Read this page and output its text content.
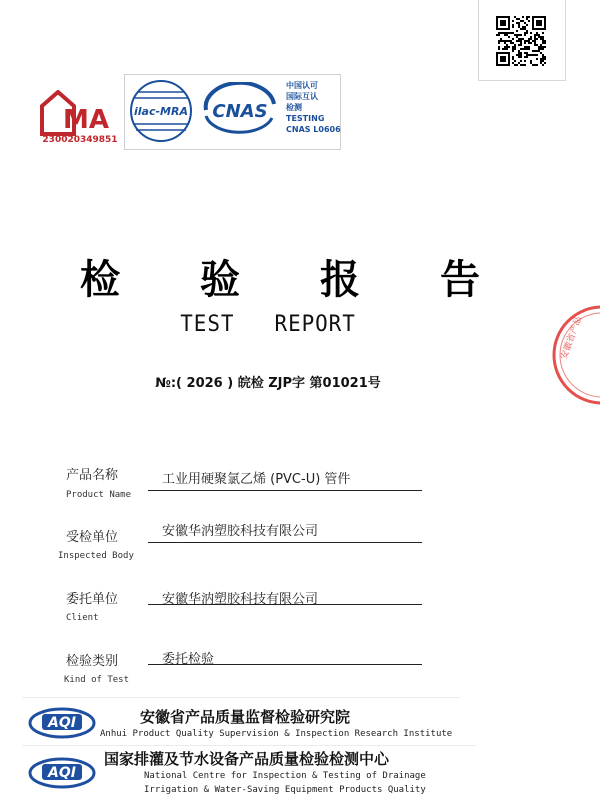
MA
230020349851
ilac-MRA CNAS
中国认可
国际互认
检测
TESTING
CNAS L0606
检 验 报 告
TEST REPORT
№:( 2026 ) 皖检 ZJP字 第01021号
产品名称
Product Name
工业用硬聚氯乙烯 (PVC-U) 管件
受检单位
Inspected Body
安徽华汭塑胶科技有限公司
委托单位
Client
安徽华汭塑胶科技有限公司
检验类别
Kind of Test
委托检验
AQI	安徽省产品质量监督检验研究院
Anhui Product Quality Supervision & Inspection Research Institute
AQI
国家排灌及节水设备产品质量检验检测中心
National Centre for Inspection & Testing of Drainage
Irrigation & Water-Saving Equipment Products Quality
安徽省产品
